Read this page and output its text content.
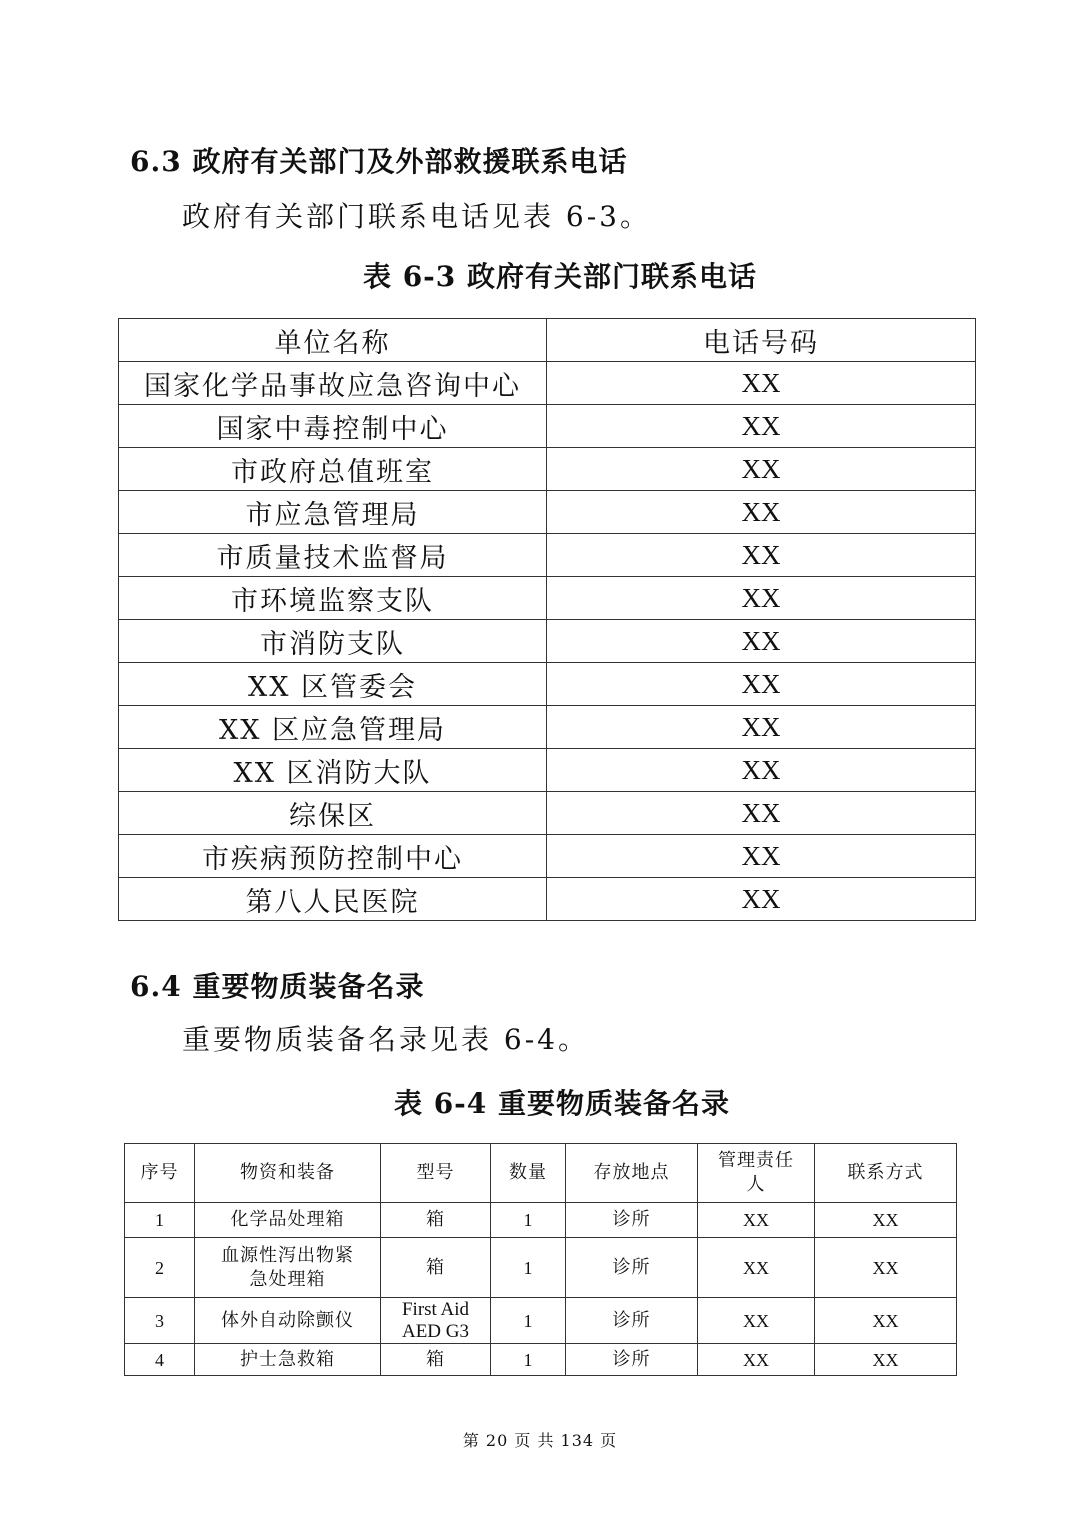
6.3 政府有关部门及外部救援联系电话
政府有关部门联系电话见表 6-3。
表 6-3 政府有关部门联系电话
单位名称	电话号码
国家化学品事故应急咨询中心	XX
国家中毒控制中心	XX
市政府总值班室	XX
市应急管理局	XX
市质量技术监督局	XX
市环境监察支队	XX
市消防支队	XX
XX 区管委会	XX
XX 区应急管理局	XX
XX 区消防大队	XX
综保区	XX
市疾病预防控制中心	XX
第八人民医院	XX
6.4 重要物质装备名录
重要物质装备名录见表 6-4。
表 6-4 重要物质装备名录
序号	物资和装备	型号	数量	存放地点	管理责任人	联系方式
1	化学品处理箱	箱	1	诊所	XX	XX
2	血源性泻出物紧急处理箱	箱	1	诊所	XX	XX
3	体外自动除颤仪	First Aid AED G3	1	诊所	XX	XX
4	护士急救箱	箱	1	诊所	XX	XX
第 20 页 共 134 页
